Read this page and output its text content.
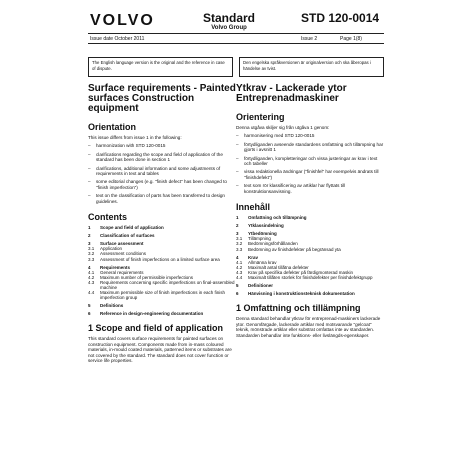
VOLVO	Standard
Volvo Group
STD 120-0014
Issue date October 2011	Issue 2	Page 1(8)
The English language version is the original and the reference in case of dispute.
Den engelska språkversionen är originalversion och ska åberopas i händelse av tvist.
Surface requirements - Painted surfaces Construction equipment
Orientation
This issue differs from issue 1 in the following:
–	harmonization with STD 120-0015
–	clarifications regarding the scope and field of application of the standard has been done in section 1
–	clarifications, additional information and some adjustments of requirements in text and tables
–	some editorial changes (e.g. "finish defect" has been changed to "finish imperfection")
–	text on the classification of parts has been transferred to design guidelines.
Contents
1	Scope and field of application
2	Classification of surfaces
3	Surface assessment
3.1	Application
3.2	Assessment conditions
3.3	Assessment of finish imperfections on a limited surface area
4	Requirements
4.1	General requirements
4.2	Maximum number of permissible imperfections
4.3	Requirements concerning specific imperfections on final-assembled machine
4.4	Maximum permissible size of finish imperfections in each finish imperfection group
5	Definitions
6	Reference in design-engineering documentation
1 Scope and field of application
This standard covers surface requirements for painted surfaces on construction equipment. Components made from in-mass coloured materials, in-mould coated materials, patterned items or substrates are not covered by the standard. The standard does not cover function or service life properties.
Ytkrav - Lackerade ytor Entreprenadmaskiner
Orientering
Denna utgåva skiljer sig från utgåva 1 genom:
–	harmonisering med STD 120-0015
–	förtydliganden avseende standardens omfattning och tillämpning har gjorts i avsnitt 1
–	förtydliganden, kompletteringar och vissa justeringar av krav i text och tabeller
–	vissa redaktionella ändringar ("finishfel" har exempelvis ändrats till "finishdefekt")
–	text som rör klassificering av artiklar har flyttats till konstruktionsanvisning.
Innehåll
1	Omfattning och tillämpning
2	Ytklassindelning
3	Ytbedömning
3.1	Tillämpning
3.2	Bedömningsförhållanden
3.3	Bedömning av finishdefekter på begränsad yta
4	Krav
4.1	Allmänna krav
4.2	Maximalt antal tillåtna defekter
4.3	Krav på specifika defekter på färdigmonterad maskin
4.4	Maximalt tillåten storlek för finishdefekter per finishdefektgrupp
5	Definitioner
6	Hänvisning i konstruktionsteknisk dokumentation
1 Omfattning och tillämpning
Denna standard behandlar ytkrav för entreprenad-maskiners lackerade ytor. Genomfärgade, lackerade artiklar med motsvarande "gelcoat" teknik, mönstrade artiklar eller substrat omfattas inte av standarden. Standarden behandlar inte funktions- eller livslängds-egenskaper.
